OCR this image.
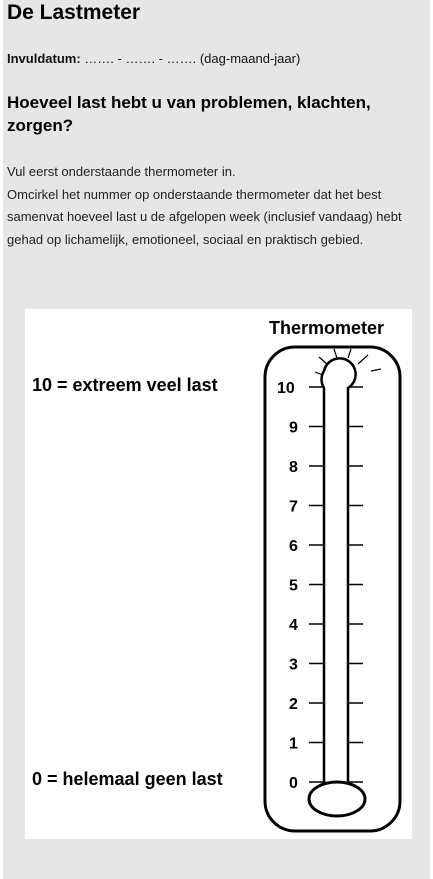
De Lastmeter
Invuldatum: ……. - ……. - ……. (dag-maand-jaar)
Hoeveel last hebt u van problemen, klachten, zorgen?

Vul eerst onderstaande thermometer in.

Omcirkel het nummer op onderstaande thermometer dat het best samenvat hoeveel last u de afgelopen week (inclusief vandaag) hebt gehad op lichamelijk, emotioneel, sociaal en praktisch gebied.

Thermometer
10 = extreem veel last
0 = helemaal geen last
10
9
8
7
6
5
4
3
2
1
0
